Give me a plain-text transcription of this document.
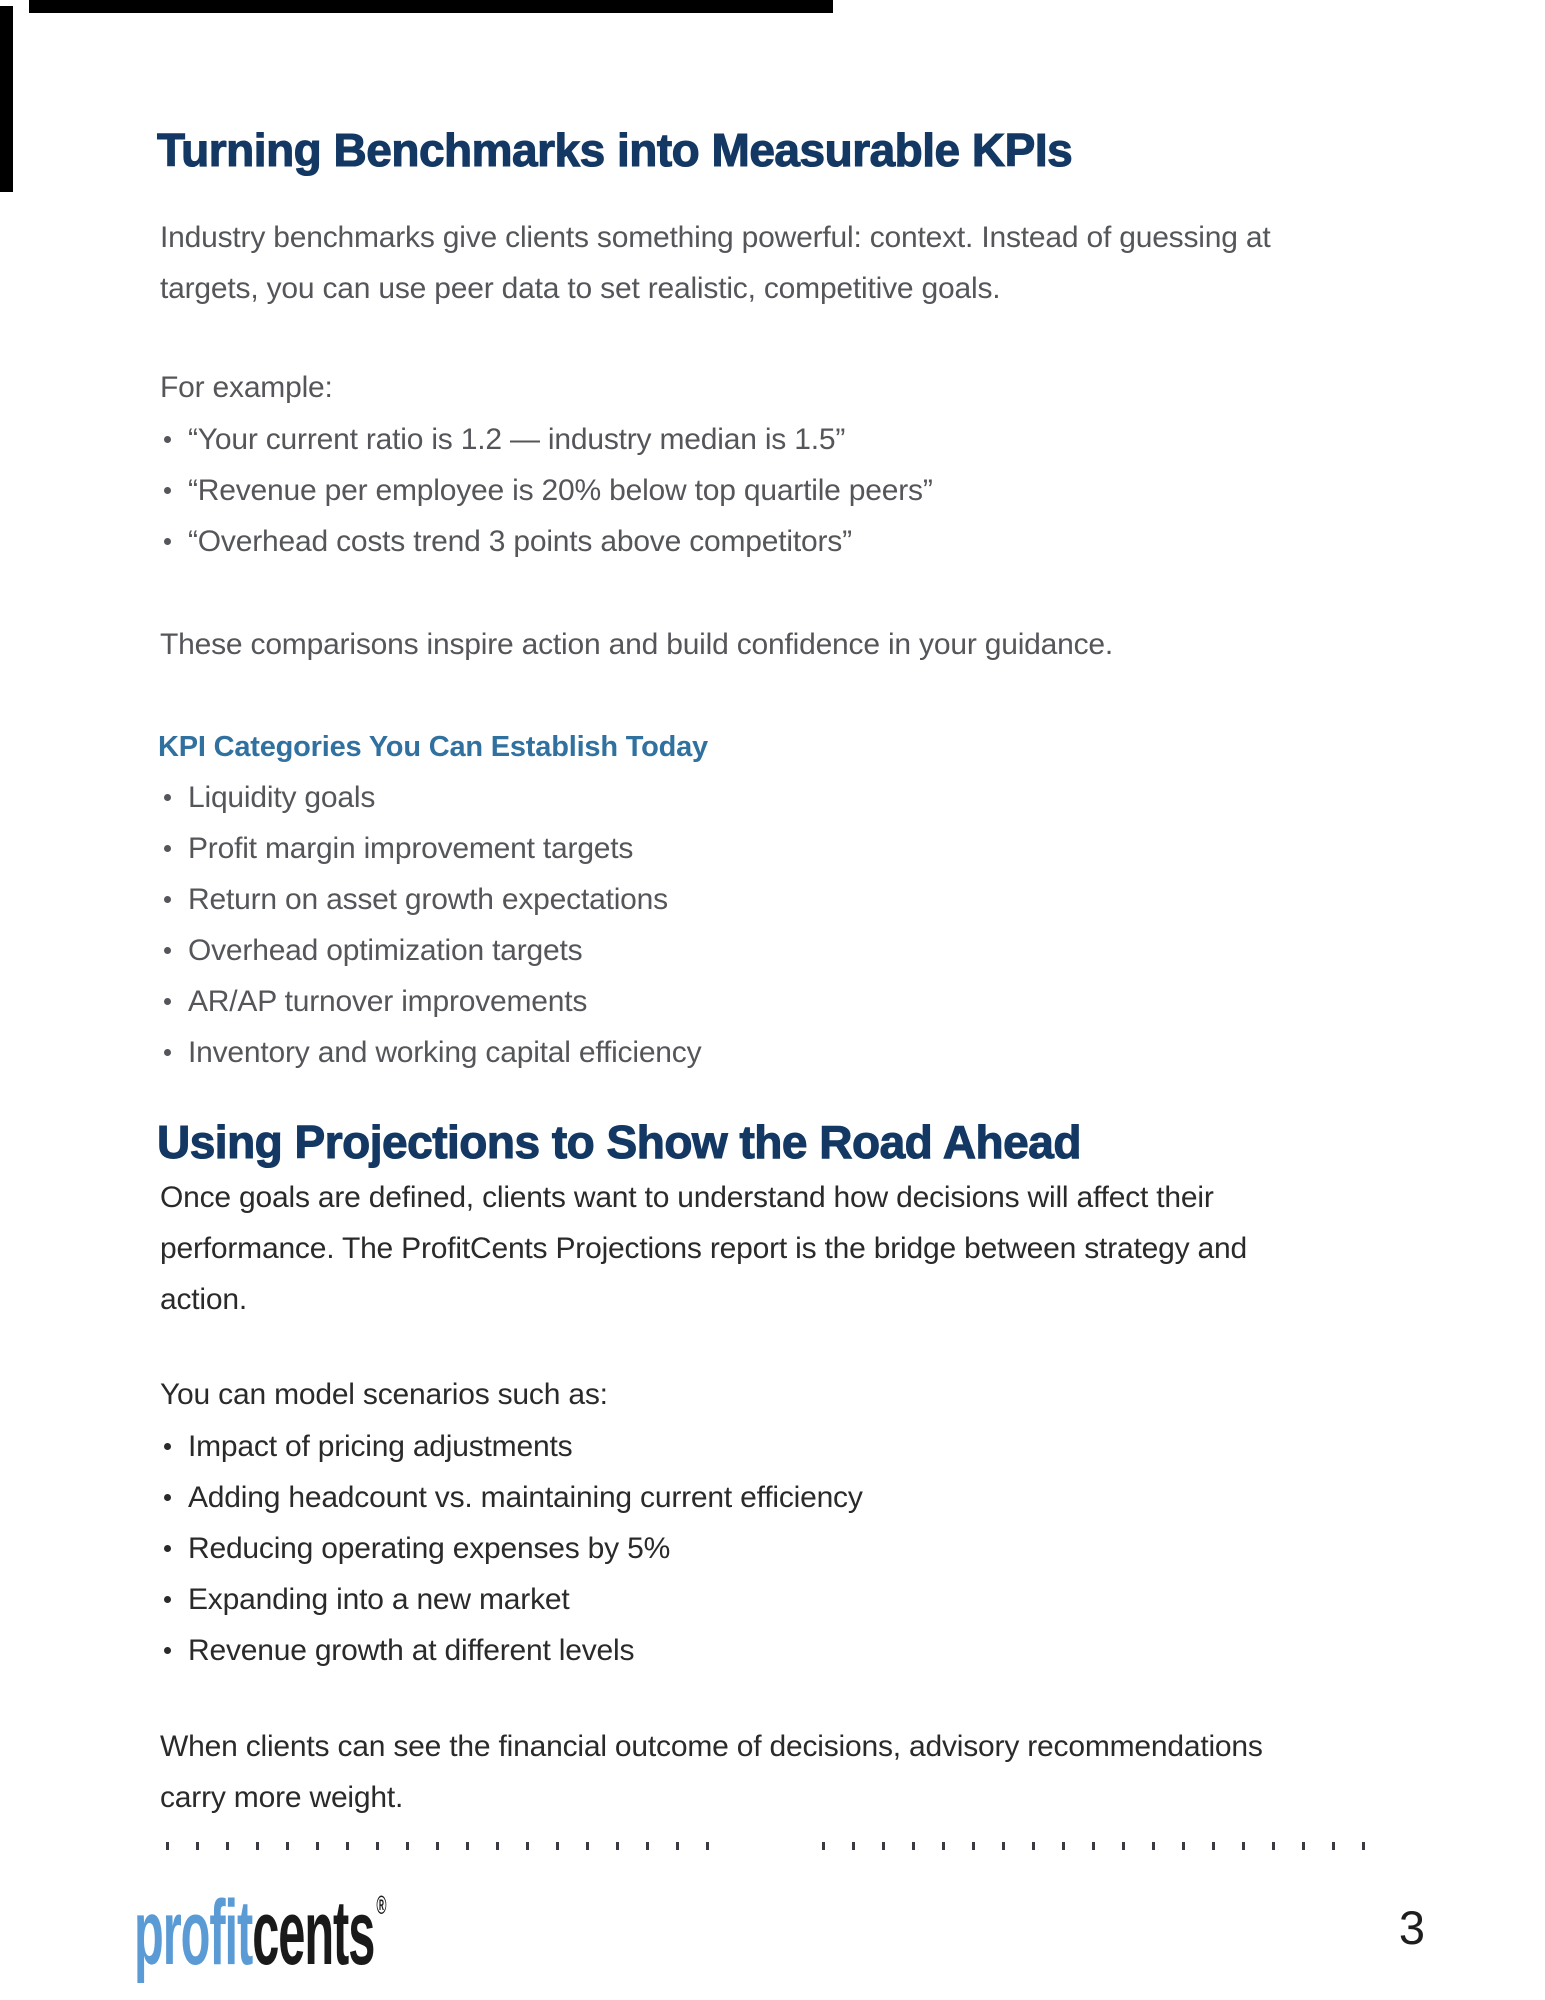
Turning Benchmarks into Measurable KPIs
Industry benchmarks give clients something powerful: context. Instead of guessing at
targets, you can use peer data to set realistic, competitive goals.
For example:
“Your current ratio is 1.2 — industry median is 1.5”
“Revenue per employee is 20% below top quartile peers”
“Overhead costs trend 3 points above competitors”
These comparisons inspire action and build confidence in your guidance.
KPI Categories You Can Establish Today
Liquidity goals
Profit margin improvement targets
Return on asset growth expectations
Overhead optimization targets
AR/AP turnover improvements
Inventory and working capital efficiency
Using Projections to Show the Road Ahead
Once goals are defined, clients want to understand how decisions will affect their
performance. The ProfitCents Projections report is the bridge between strategy and
action.
You can model scenarios such as:
Impact of pricing adjustments
Adding headcount vs. maintaining current efficiency
Reducing operating expenses by 5%
Expanding into a new market
Revenue growth at different levels
When clients can see the financial outcome of decisions, advisory recommendations
carry more weight.
profitcents®	3
